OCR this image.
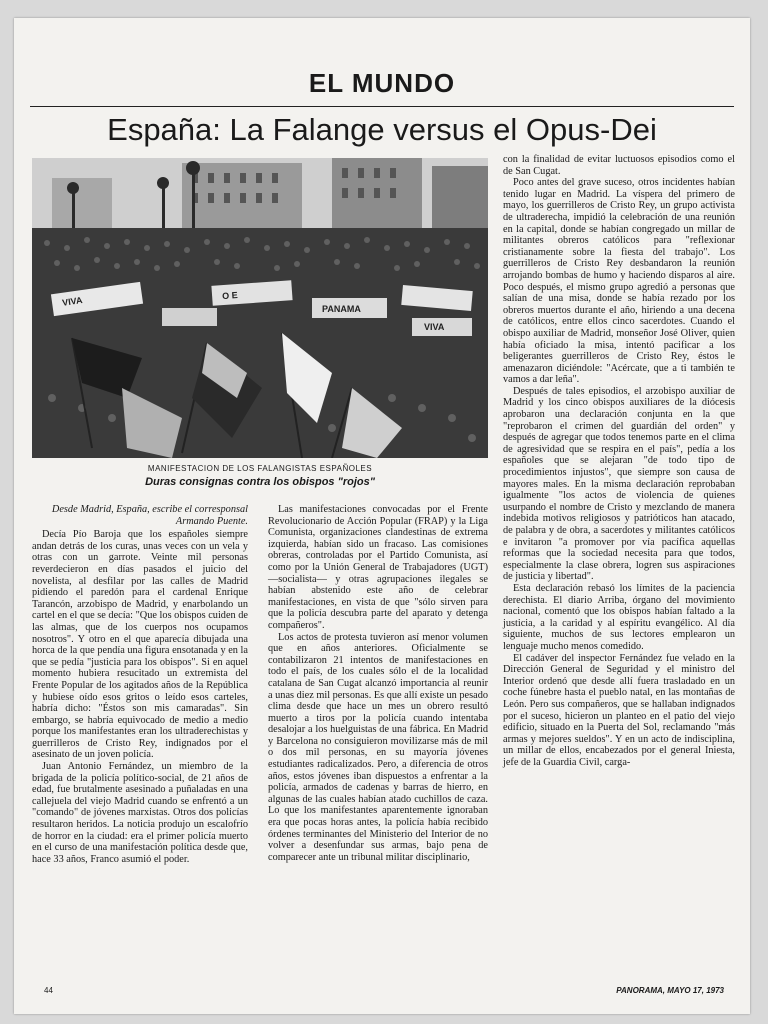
EL MUNDO
España: La Falange versus el Opus-Dei
VIVA
PANAMA
VIVA
O E
MANIFESTACION DE LOS FALANGISTAS ESPAÑOLES
Duras consignas contra los obispos "rojos"

Desde Madrid, España, escribe el corresponsal Armando Puente.

Decía Pío Baroja que los españoles siempre andan detrás de los curas, unas veces con un vela y otras con un garrote. Veinte mil personas reverdecieron en días pasados el juicio del novelista, al desfilar por las calles de Madrid pidiendo el paredón para el cardenal Enrique Tarancón, arzobispo de Madrid, y enarbolando un cartel en el que se decía: "Que los obispos cuiden de las almas, que de los cuerpos nos ocupamos nosotros". Y otro en el que aparecía dibujada una horca de la que pendía una figura ensotanada y en la que se pedía "justicia para los obispos". Si en aquel momento hubiera resucitado un extremista del Frente Popular de los agitados años de la República y hubiese oído esos gritos o leído esos carteles, habría dicho: "Éstos son mis camaradas". Sin embargo, se habría equivocado de medio a medio porque los manifestantes eran los ultraderechistas y guerrilleros de Cristo Rey, indignados por el asesinato de un joven policía.

Juan Antonio Fernández, un miembro de la brigada de la policía político-social, de 21 años de edad, fue brutalmente asesinado a puñaladas en una callejuela del viejo Madrid cuando se enfrentó a un "comando" de jóvenes marxistas. Otros dos policías resultaron heridos. La noticia produjo un escalofrío de horror en la ciudad: era el primer policía muerto en el curso de una manifestación política desde que, hace 33 años, Franco asumió el poder.

Las manifestaciones convocadas por el Frente Revolucionario de Acción Popular (FRAP) y la Liga Comunista, organizaciones clandestinas de extrema izquierda, habían sido un fracaso. Las comisiones obreras, controladas por el Partido Comunista, así como por la Unión General de Trabajadores (UGT) —socialista— y otras agrupaciones ilegales se habían abstenido este año de celebrar manifestaciones, en vista de que "sólo sirven para que la policía descubra parte del aparato y detenga compañeros".

Los actos de protesta tuvieron así menor volumen que en años anteriores. Oficialmente se contabilizaron 21 intentos de manifestaciones en todo el país, de los cuales sólo el de la localidad catalana de San Cugat alcanzó importancia al reunir a unas diez mil personas. Es que allí existe un pesado clima desde que hace un mes un obrero resultó muerto a tiros por la policía cuando intentaba desalojar a los huelguistas de una fábrica. En Madrid y Barcelona no consiguieron movilizarse más de mil o dos mil personas, en su mayoría jóvenes estudiantes radicalizados. Pero, a diferencia de otros años, estos jóvenes iban dispuestos a enfrentar a la policía, armados de cadenas y barras de hierro, en algunas de las cuales habían atado cuchillos de caza. Lo que los manifestantes aparentemente ignoraban era que pocas horas antes, la policía había recibido órdenes terminantes del Ministerio del Interior de no volver a desenfundar sus armas, bajo pena de comparecer ante un tribunal militar disciplinario,

con la finalidad de evitar luctuosos episodios como el de San Cugat.

Poco antes del grave suceso, otros incidentes habían tenido lugar en Madrid. La víspera del primero de mayo, los guerrilleros de Cristo Rey, un grupo activista de ultraderecha, impidió la celebración de una reunión en la capital, donde se habían congregado un millar de militantes obreros católicos para "reflexionar cristianamente sobre la fiesta del trabajo". Los guerrilleros de Cristo Rey desbandaron la reunión arrojando bombas de humo y haciendo disparos al aire. Poco después, el mismo grupo agredió a personas que salían de una misa, donde se había rezado por los obreros muertos durante el año, hiriendo a una decena de católicos, entre ellos cinco sacerdotes. Cuando el obispo auxiliar de Madrid, monseñor José Oliver, quien había oficiado la misa, intentó pacificar a los beligerantes guerrilleros de Cristo Rey, éstos le amenazaron diciéndole: "Acércate, que a ti también te vamos a dar leña".

Después de tales episodios, el arzobispo auxiliar de Madrid y los cinco obispos auxiliares de la diócesis aprobaron una declaración conjunta en la que "reprobaron el crimen del guardián del orden" y después de agregar que todos tenemos parte en el clima de agresividad que se respira en el país", pedía a los españoles que se alejaran "de todo tipo de procedimientos injustos", que siempre son causa de mayores males. En la misma declaración reprobaban igualmente "los actos de violencia de quienes usurpando el nombre de Cristo y mezclando de manera indebida motivos religiosos y patrióticos han atacado, de palabra y de obra, a sacerdotes y militantes católicos e invitaron "a promover por vía pacífica aquellas reformas que la sociedad necesita para que todos, especialmente la clase obrera, logren sus aspiraciones de justicia y libertad".

Esta declaración rebasó los límites de la paciencia derechista. El diario Arriba, órgano del movimiento nacional, comentó que los obispos habían faltado a la justicia, a la caridad y al espíritu evangélico. Al día siguiente, muchos de sus lectores emplearon un lenguaje mucho menos comedido.

El cadáver del inspector Fernández fue velado en la Dirección General de Seguridad y el ministro del Interior ordenó que desde allí fuera trasladado en un coche fúnebre hasta el pueblo natal, en las montañas de León. Pero sus compañeros, que se hallaban indignados por el suceso, hicieron un planteo en el patio del viejo edificio, situado en la Puerta del Sol, reclamando "más armas y mejores sueldos". Y en un acto de indisciplina, un millar de ellos, encabezados por el general Iniesta, jefe de la Guardia Civil, carga-

44	PANORAMA, MAYO 17, 1973
